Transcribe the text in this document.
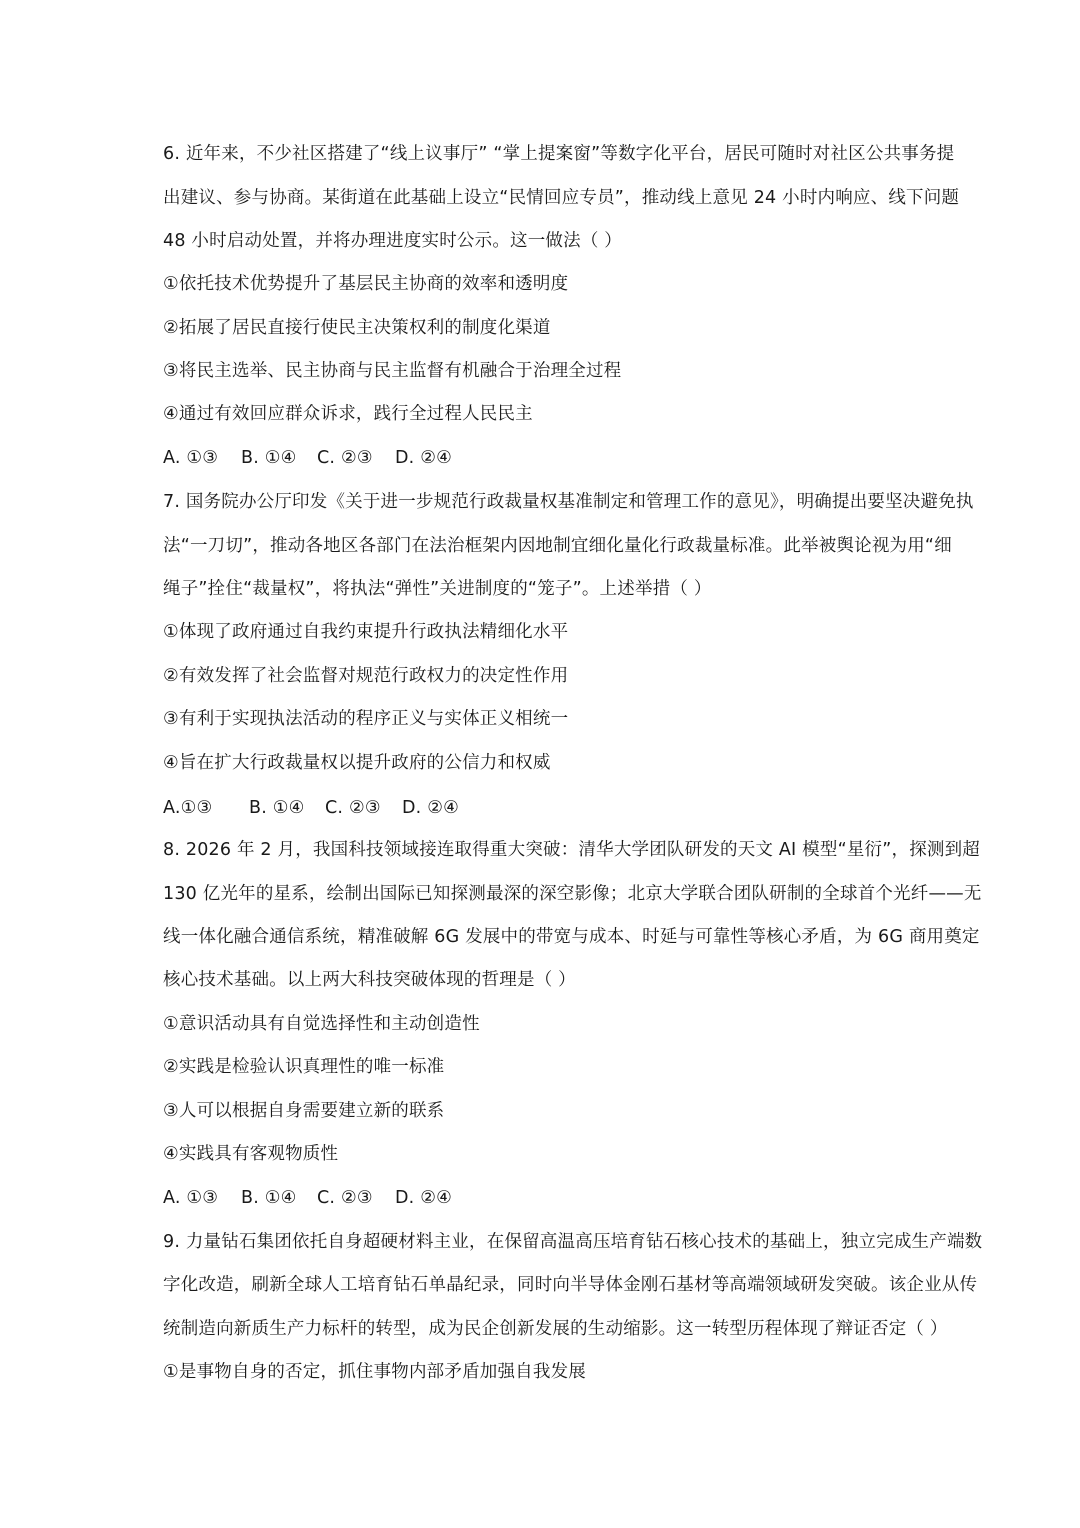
6. 近年来，不少社区搭建了“线上议事厅” “掌上提案窗”等数字化平台，居民可随时对社区公共事务提
出建议、参与协商。某街道在此基础上设立“民情回应专员”，推动线上意见 24 小时内响应、线下问题
48 小时启动处置，并将办理进度实时公示。这一做法（ ）
①依托技术优势提升了基层民主协商的效率和透明度
②拓展了居民直接行使民主决策权利的制度化渠道
③将民主选举、民主协商与民主监督有机融合于治理全过程
④通过有效回应群众诉求，践行全过程人民民主
A. ①③ B. ①④ C. ②③ D. ②④
7. 国务院办公厅印发《关于进一步规范行政裁量权基准制定和管理工作的意见》，明确提出要坚决避免执
法“一刀切”，推动各地区各部门在法治框架内因地制宜细化量化行政裁量标准。此举被舆论视为用“细
绳子”拴住“裁量权”，将执法“弹性”关进制度的“笼子”。上述举措（ ）
①体现了政府通过自我约束提升行政执法精细化水平
②有效发挥了社会监督对规范行政权力的决定性作用
③有利于实现执法活动的程序正义与实体正义相统一
④旨在扩大行政裁量权以提升政府的公信力和权威
A.①③ B. ①④ C. ②③ D. ②④
8. 2026 年 2 月，我国科技领域接连取得重大突破：清华大学团队研发的天文 AI 模型“星衍”，探测到超
130 亿光年的星系，绘制出国际已知探测最深的深空影像；北京大学联合团队研制的全球首个光纤——无
线一体化融合通信系统，精准破解 6G 发展中的带宽与成本、时延与可靠性等核心矛盾，为 6G 商用奠定
核心技术基础。以上两大科技突破体现的哲理是（ ）
①意识活动具有自觉选择性和主动创造性
②实践是检验认识真理性的唯一标准
③人可以根据自身需要建立新的联系
④实践具有客观物质性
A. ①③ B. ①④ C. ②③ D. ②④
9. 力量钻石集团依托自身超硬材料主业，在保留高温高压培育钻石核心技术的基础上，独立完成生产端数
字化改造，刷新全球人工培育钻石单晶纪录，同时向半导体金刚石基材等高端领域研发突破。该企业从传
统制造向新质生产力标杆的转型，成为民企创新发展的生动缩影。这一转型历程体现了辩证否定（ ）
①是事物自身的否定，抓住事物内部矛盾加强自我发展
